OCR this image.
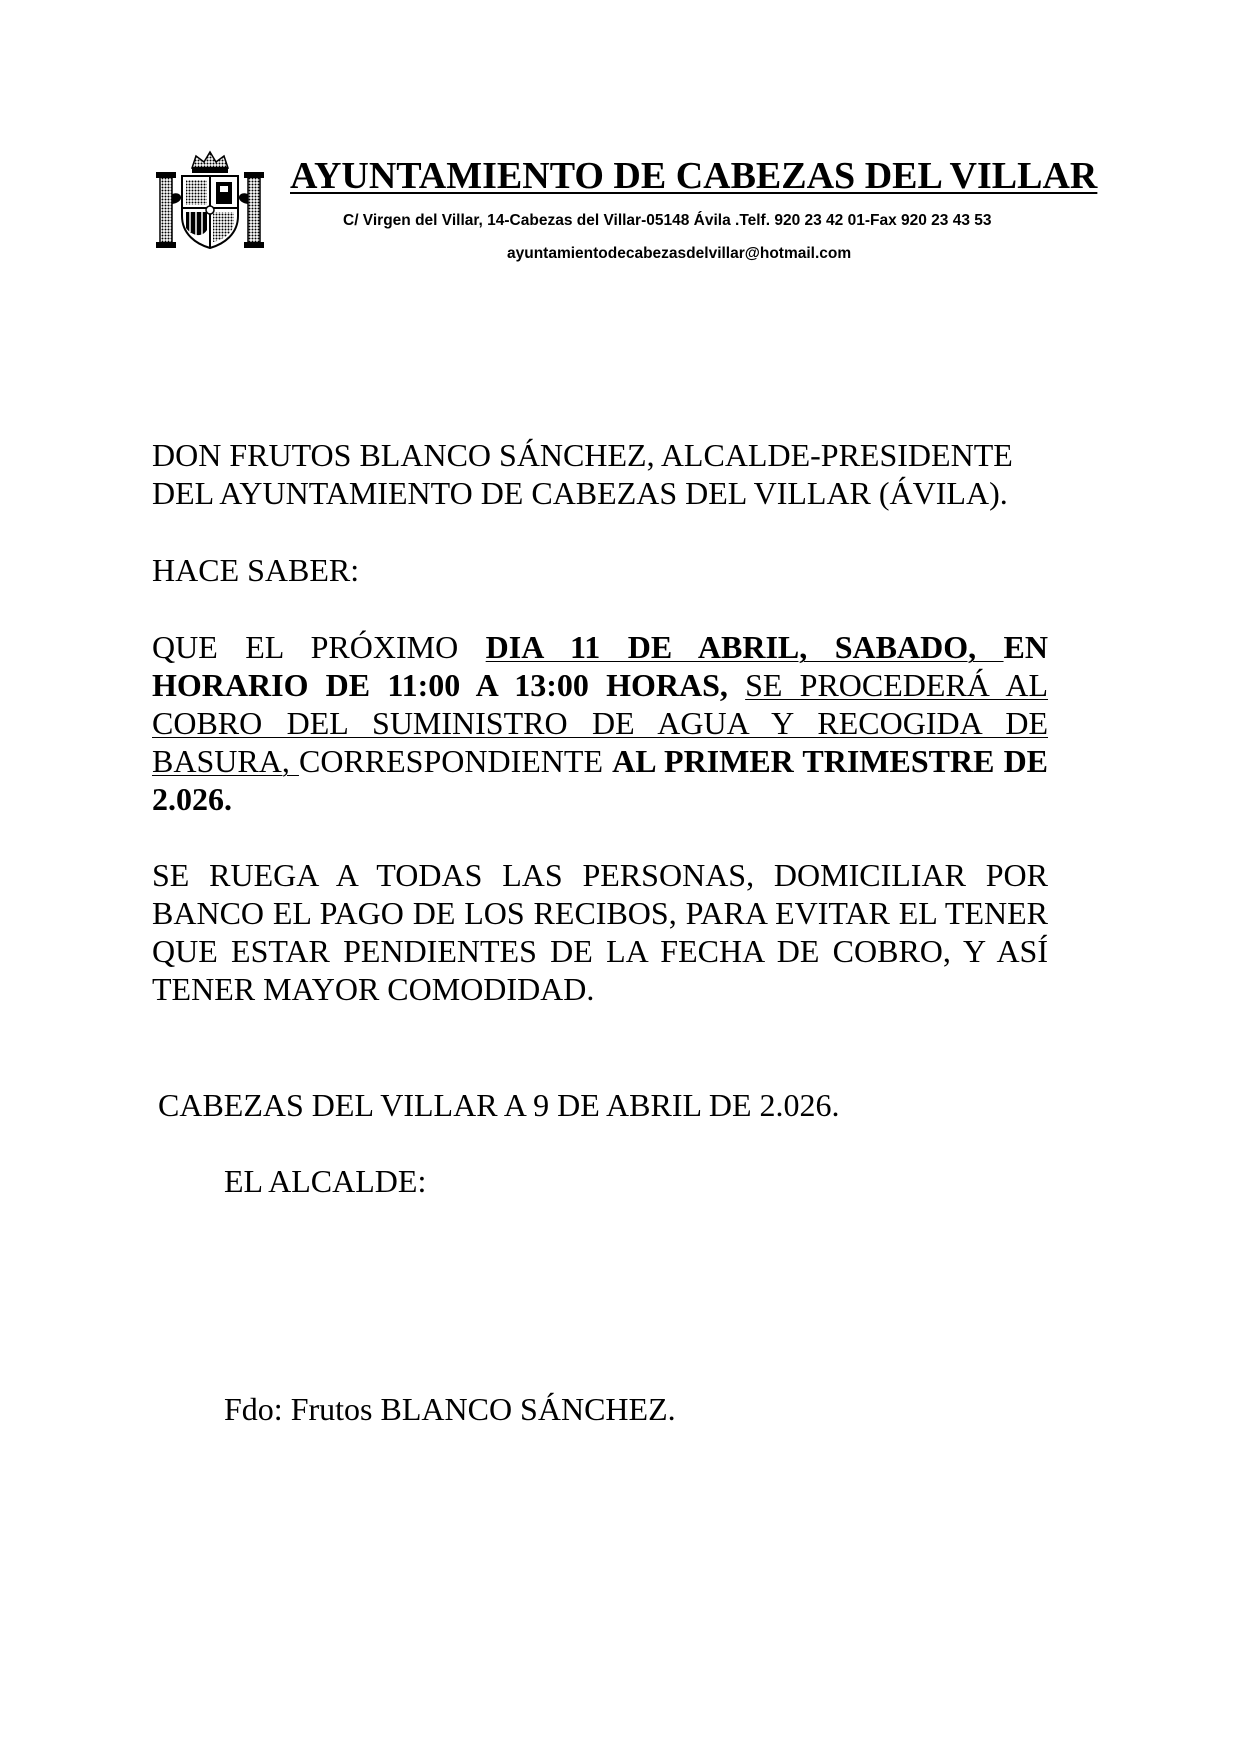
AYUNTAMIENTO DE CABEZAS DEL VILLAR
C/ Virgen del Villar, 14-Cabezas del Villar-05148 Ávila .Telf. 920 23 42 01-Fax 920 23 43 53
ayuntamientodecabezasdelvillar@hotmail.com
DON FRUTOS BLANCO SÁNCHEZ, ALCALDE-PRESIDENTE DEL AYUNTAMIENTO DE CABEZAS DEL VILLAR (ÁVILA).
HACE SABER:
QUE EL PRÓXIMO DIA 11 DE ABRIL, SABADO, EN HORARIO DE 11:00 A 13:00 HORAS, SE PROCEDERÁ AL COBRO DEL SUMINISTRO DE AGUA Y RECOGIDA DE BASURA, CORRESPONDIENTE AL PRIMER TRIMESTRE DE 2.026.
SE RUEGA A TODAS LAS PERSONAS, DOMICILIAR POR BANCO EL PAGO DE LOS RECIBOS, PARA EVITAR EL TENER QUE ESTAR PENDIENTES DE LA FECHA DE COBRO, Y ASÍ TENER MAYOR COMODIDAD.
CABEZAS DEL VILLAR A 9 DE ABRIL DE 2.026.
EL ALCALDE:
Fdo: Frutos BLANCO SÁNCHEZ.
